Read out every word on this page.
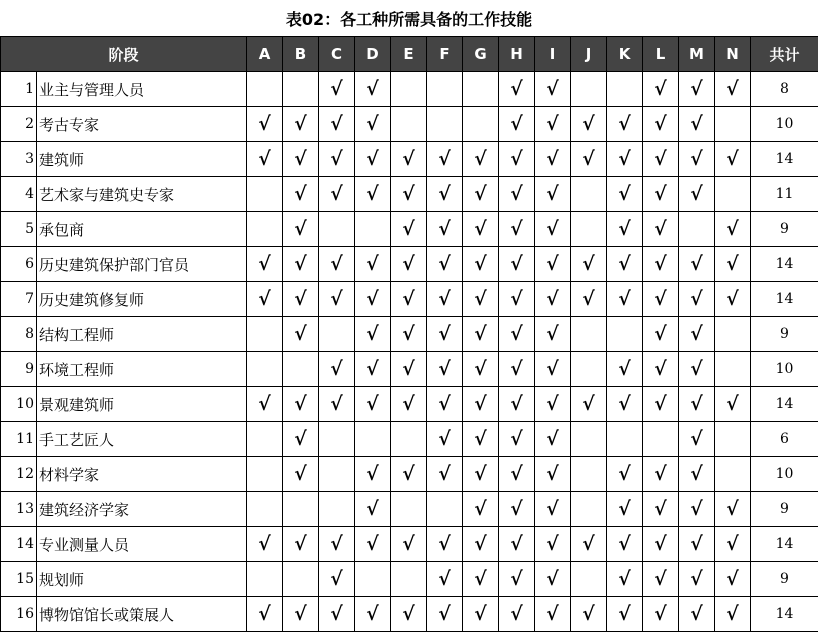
表02：各工种所需具备的工作技能
阶段		A	B	C	D	E	F	G	H	I	J	K	L	M	N	共计
1	业主与管理人员			√	√				√	√			√	√	√	8
2	考古专家	√	√	√	√				√	√	√	√	√	√		10
3	建筑师	√	√	√	√	√	√	√	√	√	√	√	√	√	√	14
4	艺术家与建筑史专家		√	√	√	√	√	√	√	√		√	√	√		11
5	承包商		√			√	√	√	√	√		√	√		√	9
6	历史建筑保护部门官员	√	√	√	√	√	√	√	√	√	√	√	√	√	√	14
7	历史建筑修复师	√	√	√	√	√	√	√	√	√	√	√	√	√	√	14
8	结构工程师		√		√	√	√	√	√	√			√	√		9
9	环境工程师			√	√	√	√	√	√	√		√	√	√		10
10	景观建筑师	√	√	√	√	√	√	√	√	√	√	√	√	√	√	14
11	手工艺匠人		√				√	√	√	√				√		6
12	材料学家		√		√	√	√	√	√	√		√	√	√		10
13	建筑经济学家				√			√	√	√		√	√	√	√	9
14	专业测量人员	√	√	√	√	√	√	√	√	√	√	√	√	√	√	14
15	规划师			√			√	√	√	√		√	√	√	√	9
16	博物馆馆长或策展人	√	√	√	√	√	√	√	√	√	√	√	√	√	√	14
